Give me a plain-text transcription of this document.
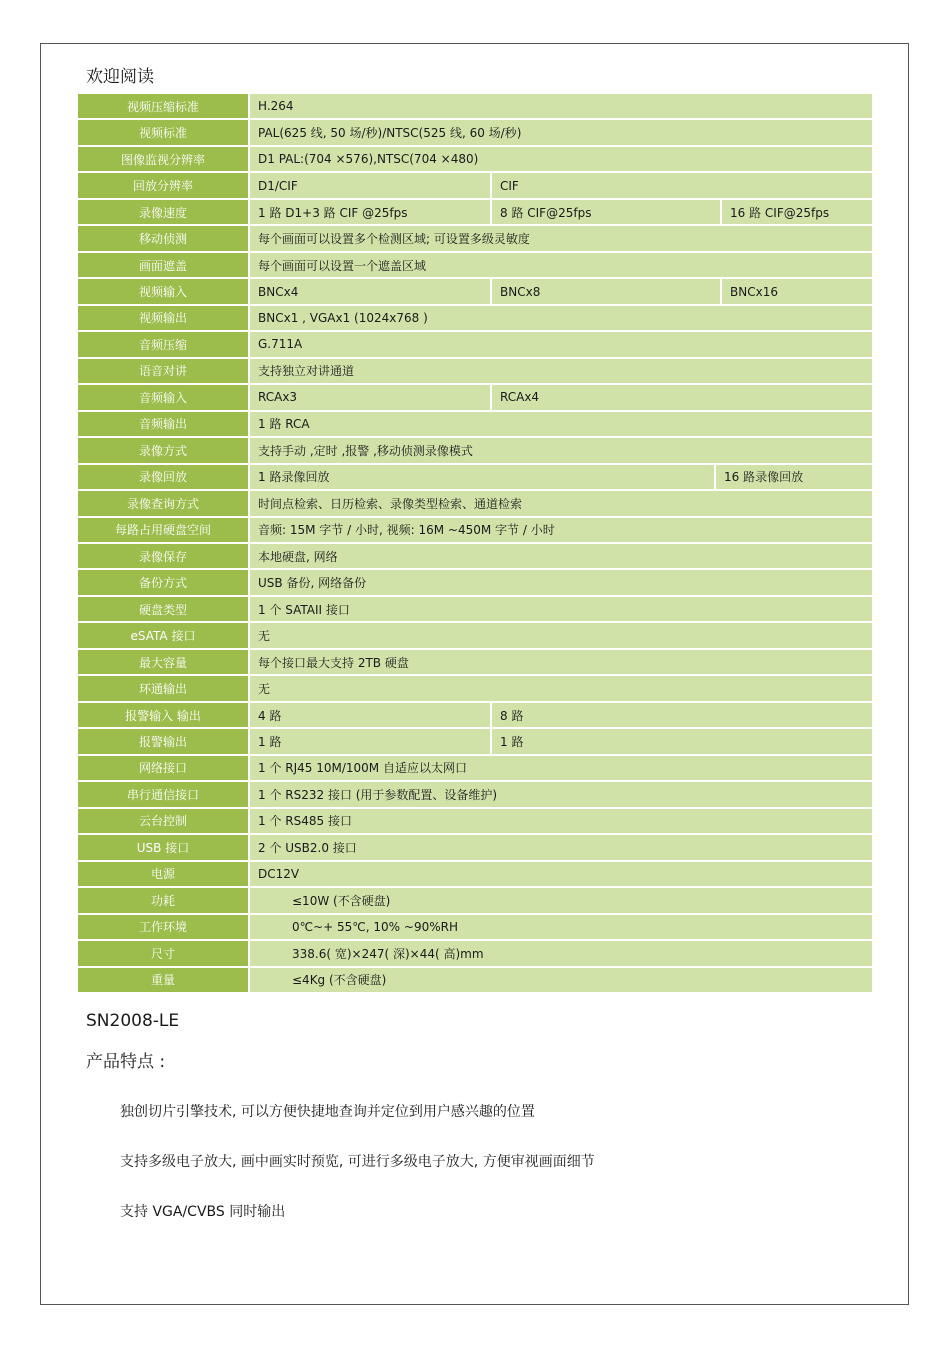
欢迎阅读
视频压缩标准	H.264
视频标准	PAL(625 线, 50 场/秒)/NTSC(525 线, 60 场/秒)
图像监视分辨率	D1 PAL:(704 ×576),NTSC(704 ×480)
回放分辨率	D1/CIF	CIF
录像速度	1 路 D1+3 路 CIF @25fps	8 路 CIF@25fps	16 路 CIF@25fps
移动侦测	每个画面可以设置多个检测区域; 可设置多级灵敏度
画面遮盖	每个画面可以设置一个遮盖区域
视频输入	BNCx4	BNCx8	BNCx16
视频输出	BNCx1 , VGAx1 (1024x768 )
音频压缩	G.711A
语音对讲	支持独立对讲通道
音频输入	RCAx3	RCAx4
音频输出	1 路 RCA
录像方式	支持手动 ,定时 ,报警 ,移动侦测录像模式
录像回放	1 路录像回放	16 路录像回放
录像查询方式	时间点检索、日历检索、录像类型检索、通道检索
每路占用硬盘空间	音频: 15M 字节 / 小时, 视频: 16M ~450M 字节 / 小时
录像保存	本地硬盘, 网络
备份方式	USB 备份, 网络备份
硬盘类型	1 个 SATAII 接口
eSATA 接口	无
最大容量	每个接口最大支持 2TB 硬盘
环通输出	无
报警输入 输出	4 路	8 路
报警输出	1 路	1 路
网络接口	1 个 RJ45 10M/100M 自适应以太网口
串行通信接口	1 个 RS232 接口 (用于参数配置、设备维护)
云台控制	1 个 RS485 接口
USB 接口	2 个 USB2.0 接口
电源	DC12V
功耗	≤10W (不含硬盘)
工作环境	0℃~+ 55℃, 10% ~90%RH
尺寸	338.6( 宽)×247( 深)×44( 高)mm
重量	≤4Kg (不含硬盘)
SN2008-LE
产品特点 :
独创切片引擎技术, 可以方便快捷地查询并定位到用户感兴趣的位置
支持多级电子放大, 画中画实时预览, 可进行多级电子放大, 方便审视画面细节
支持 VGA/CVBS 同时输出
